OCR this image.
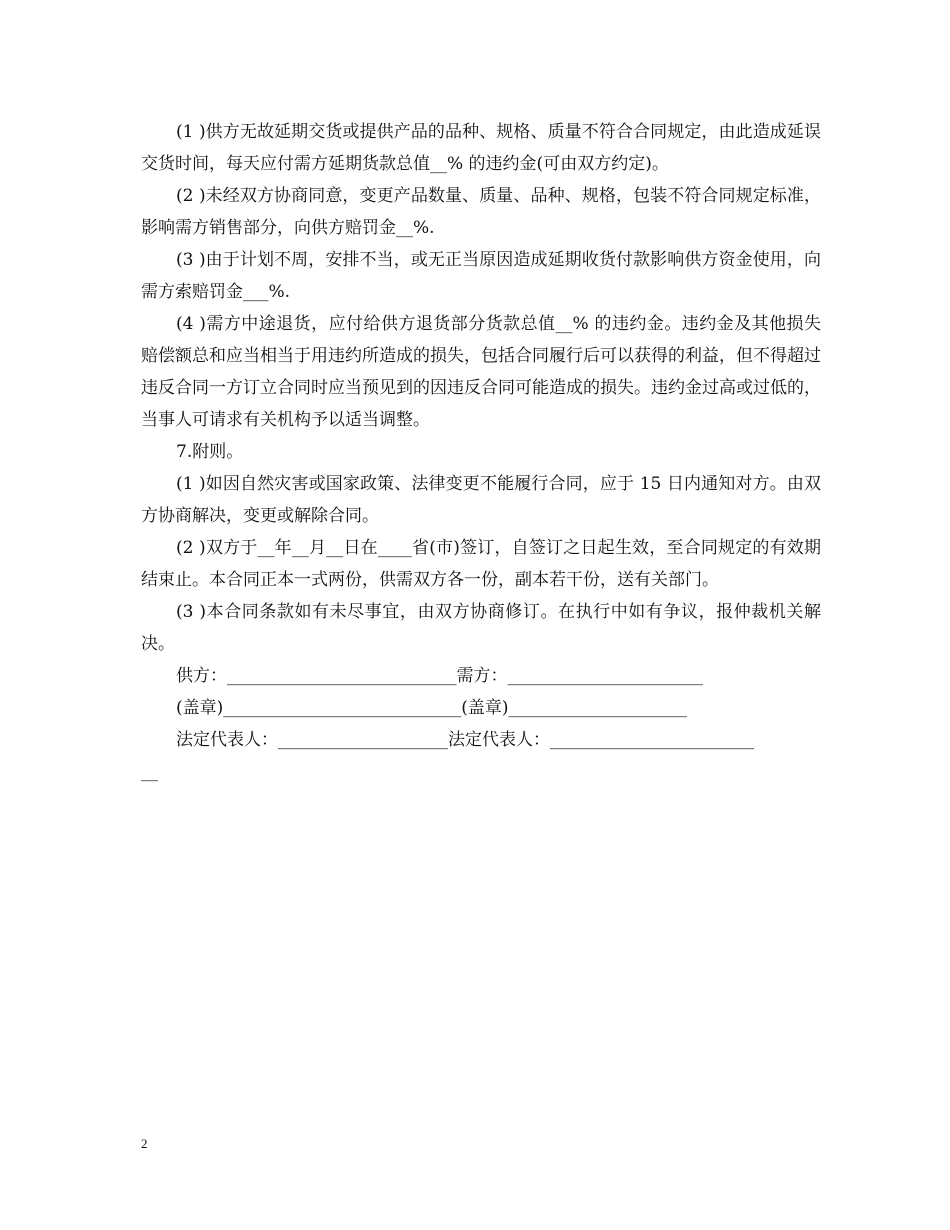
(1 )供方无故延期交货或提供产品的品种、规格、质量不符合合同规定，由此造成延误交货时间，每天应付需方延期货款总值__% 的违约金(可由双方约定)。

(2 )未经双方协商同意，变更产品数量、质量、品种、规格，包装不符合同规定标准，影响需方销售部分，向供方赔罚金__%.

(3 )由于计划不周，安排不当，或无正当原因造成延期收货付款影响供方资金使用，向需方索赔罚金___%.

(4 )需方中途退货，应付给供方退货部分货款总值__% 的违约金。违约金及其他损失赔偿额总和应当相当于用违约所造成的损失，包括合同履行后可以获得的利益，但不得超过违反合同一方订立合同时应当预见到的因违反合同可能造成的损失。违约金过高或过低的，当事人可请求有关机构予以适当调整。

7.附则。

(1 )如因自然灾害或国家政策、法律变更不能履行合同，应于 15 日内通知对方。由双方协商解决，变更或解除合同。

(2 )双方于__年__月__日在____省(市)签订，自签订之日起生效，至合同规定的有效期结束止。本合同正本一式两份，供需双方各一份，副本若干份，送有关部门。

(3 )本合同条款如有未尽事宜，由双方协商修订。在执行中如有争议，报仲裁机关解决。

供方：___________________________需方：_______________________

(盖章)____________________________(盖章)_____________________

法定代表人：____________________法定代表人：________________________

__

2
